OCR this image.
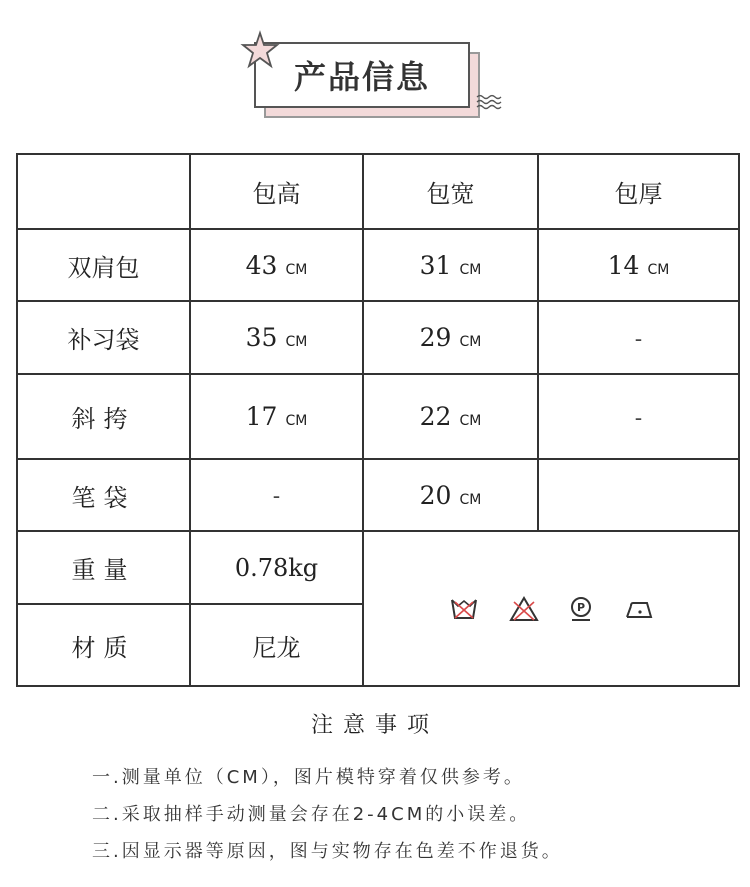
产品信息
	包高	包宽	包厚
双肩包	43 CM	31 CM	14 CM
补习袋	35 CM	29 CM	-
斜挎	17 CM	22 CM	-
笔袋	-	20 CM	
重量	0.78kg	P	

材质	尼龙		
注意事项
一.测量单位（CM），图片模特穿着仅供参考。
二.采取抽样手动测量会存在2-4CM的小误差。
三.因显示器等原因，图与实物存在色差不作退货。
